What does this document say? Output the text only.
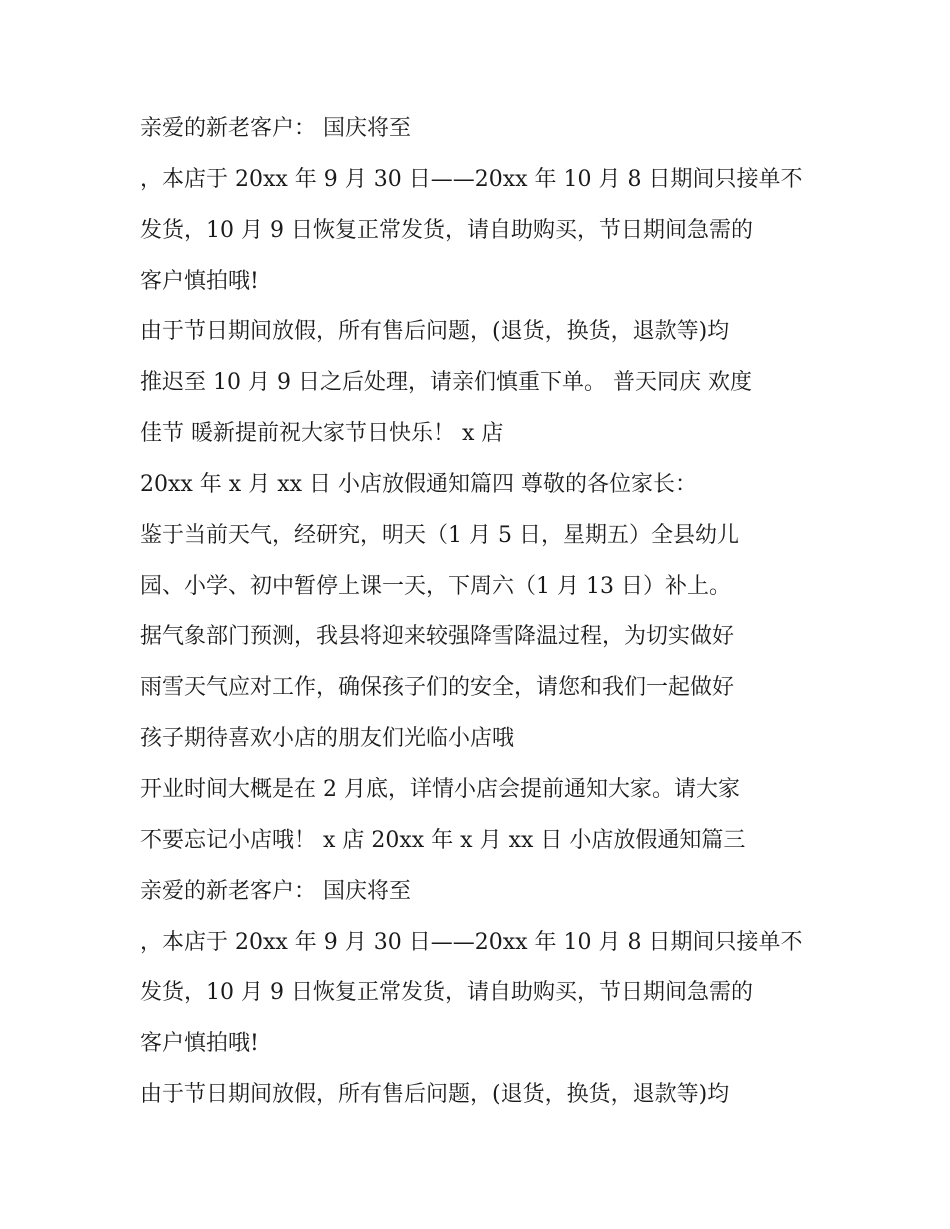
亲爱的新老客户： 国庆将至
，本店于 20xx 年 9 月 30 日——20xx 年 10 月 8 日期间只接单不
发货，10 月 9 日恢复正常发货，请自助购买，节日期间急需的
客户慎拍哦!
由于节日期间放假，所有售后问题，(退货，换货，退款等)均
推迟至 10 月 9 日之后处理，请亲们慎重下单。 普天同庆 欢度
佳节 暖新提前祝大家节日快乐！ x 店
20xx 年 x 月 xx 日 小店放假通知篇四 尊敬的各位家长：
鉴于当前天气，经研究，明天（1 月 5 日，星期五）全县幼儿
园、小学、初中暂停上课一天，下周六（1 月 13 日）补上。
据气象部门预测，我县将迎来较强降雪降温过程，为切实做好
雨雪天气应对工作，确保孩子们的安全，请您和我们一起做好
孩子期待喜欢小店的朋友们光临小店哦
开业时间大概是在 2 月底，详情小店会提前通知大家。请大家
不要忘记小店哦！ x 店 20xx 年 x 月 xx 日 小店放假通知篇三
亲爱的新老客户： 国庆将至
，本店于 20xx 年 9 月 30 日——20xx 年 10 月 8 日期间只接单不
发货，10 月 9 日恢复正常发货，请自助购买，节日期间急需的
客户慎拍哦!
由于节日期间放假，所有售后问题，(退货，换货，退款等)均
